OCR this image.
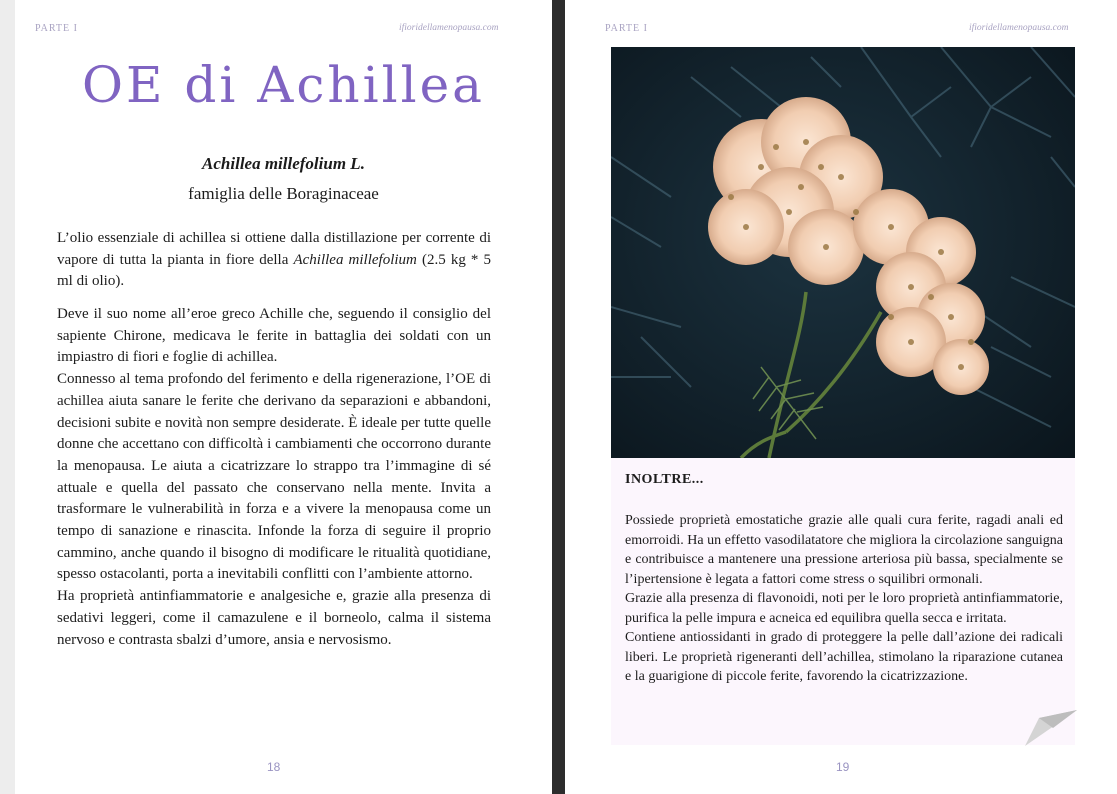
PARTE I	ifioridellamenopausa.com
OE di Achillea
Achillea millefolium L.
famiglia delle Boraginaceae

L’olio essenziale di achillea si ottiene dalla distillazione per corrente di vapore di tutta la pianta in fiore della Achillea millefolium (2.5 kg * 5 ml di olio).

Deve il suo nome all’eroe greco Achille che, seguendo il consiglio del sapiente Chirone, medicava le ferite in battaglia dei soldati con un impiastro di fiori e foglie di achillea.

Connesso al tema profondo del ferimento e della rigenerazione, l’OE di achillea aiuta sanare le ferite che derivano da separazioni e abbandoni, decisioni subite e novità non sempre desiderate. È ideale per tutte quelle donne che accettano con difficoltà i cambiamenti che occorrono durante la menopausa. Le aiuta a cicatrizzare lo strappo tra l’immagine di sé attuale e quella del passato che conservano nella mente. Invita a trasformare le vulnerabilità in forza e a vivere la menopausa come un tempo di sanazione e rinascita. Infonde la forza di seguire il proprio cammino, anche quando il bisogno di modificare le ritualità quotidiane, spesso ostacolanti, porta a inevitabili conflitti con l’ambiente attorno.

Ha proprietà antinfiammatorie e analgesiche e, grazie alla presenza di sedativi leggeri, come il camazulene e il borneolo, calma il sistema nervoso e contrasta sbalzi d’umore, ansia e nervosismo.

18
PARTE I	ifioridellamenopausa.com
INOLTRE...

Possiede proprietà emostatiche grazie alle quali cura ferite, ragadi anali ed emorroidi. Ha un effetto vasodilatatore che migliora la circolazione sanguigna e contribuisce a mantenere una pressione arteriosa più bassa, specialmente se l’ipertensione è legata a fattori come stress o squilibri ormonali.

Grazie alla presenza di flavonoidi, noti per le loro proprietà antinfiammatorie, purifica la pelle impura e acneica ed equilibra quella secca e irritata.

Contiene antiossidanti in grado di proteggere la pelle dall’azione dei radicali liberi. Le proprietà rigeneranti dell’achillea, stimolano la riparazione cutanea e la guarigione di piccole ferite, favorendo la cicatrizzazione.

19
